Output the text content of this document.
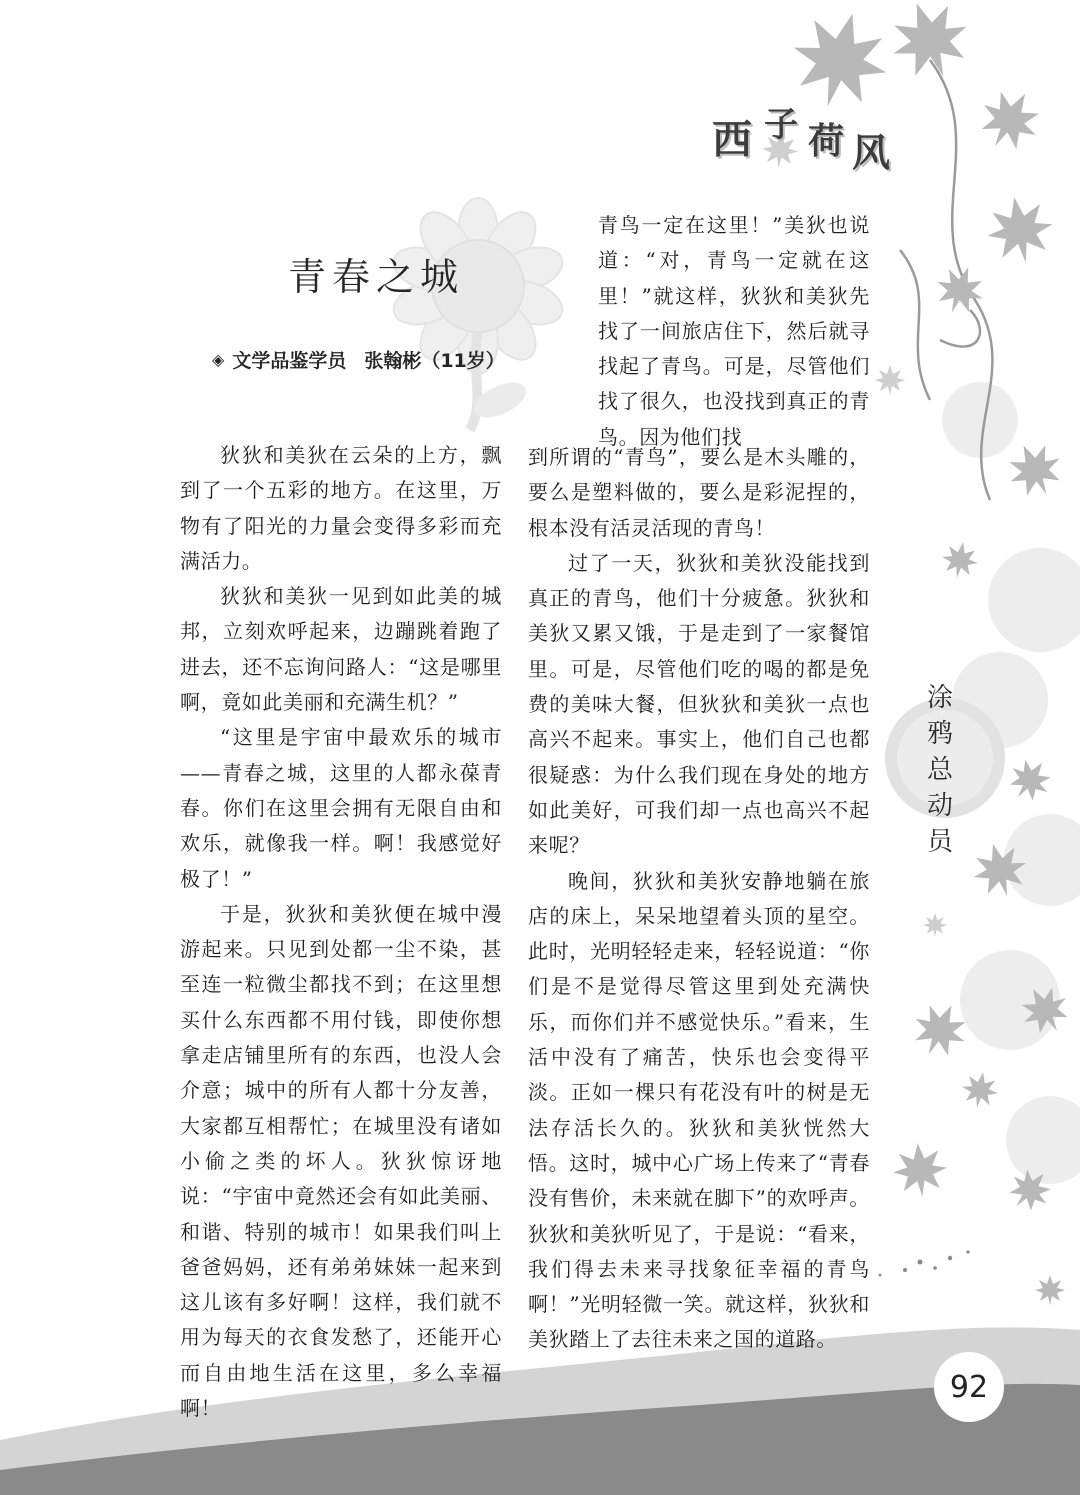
西 子 荷 风
青春之城
◈ 文学品鉴学员 张翰彬（11岁）

狄狄和美狄在云朵的上方，飘到了一个五彩的地方。在这里，万物有了阳光的力量会变得多彩而充满活力。

狄狄和美狄一见到如此美的城邦，立刻欢呼起来，边蹦跳着跑了进去，还不忘询问路人：“这是哪里啊，竟如此美丽和充满生机？”

“这里是宇宙中最欢乐的城市——青春之城，这里的人都永葆青春。你们在这里会拥有无限自由和欢乐，就像我一样。啊！我感觉好极了！”

于是，狄狄和美狄便在城中漫游起来。只见到处都一尘不染，甚至连一粒微尘都找不到；在这里想买什么东西都不用付钱，即使你想拿走店铺里所有的东西，也没人会介意；城中的所有人都十分友善，大家都互相帮忙；在城里没有诸如小偷之类的坏人。狄狄惊讶地说：“宇宙中竟然还会有如此美丽、和谐、特别的城市！如果我们叫上爸爸妈妈，还有弟弟妹妹一起来到这儿该有多好啊！这样，我们就不用为每天的衣食发愁了，还能开心而自由地生活在这里，多么幸福啊！

青鸟一定在这里！”美狄也说道：“对，青鸟一定就在这里！”就这样，狄狄和美狄先找了一间旅店住下，然后就寻找起了青鸟。可是，尽管他们找了很久，也没找到真正的青鸟。因为他们找

到所谓的“青鸟”，要么是木头雕的，要么是塑料做的，要么是彩泥捏的，根本没有活灵活现的青鸟！

过了一天，狄狄和美狄没能找到真正的青鸟，他们十分疲惫。狄狄和美狄又累又饿，于是走到了一家餐馆里。可是，尽管他们吃的喝的都是免费的美味大餐，但狄狄和美狄一点也高兴不起来。事实上，他们自己也都很疑惑：为什么我们现在身处的地方如此美好，可我们却一点也高兴不起来呢？

晚间，狄狄和美狄安静地躺在旅店的床上，呆呆地望着头顶的星空。此时，光明轻轻走来，轻轻说道：“你们是不是觉得尽管这里到处充满快乐，而你们并不感觉快乐。”看来，生活中没有了痛苦，快乐也会变得平淡。正如一棵只有花没有叶的树是无法存活长久的。狄狄和美狄恍然大悟。这时，城中心广场上传来了“青春没有售价，未来就在脚下”的欢呼声。狄狄和美狄听见了，于是说：“看来，我们得去未来寻找象征幸福的青鸟啊！”光明轻微一笑。就这样，狄狄和美狄踏上了去往未来之国的道路。

涂
鸦
总
动
员
92
